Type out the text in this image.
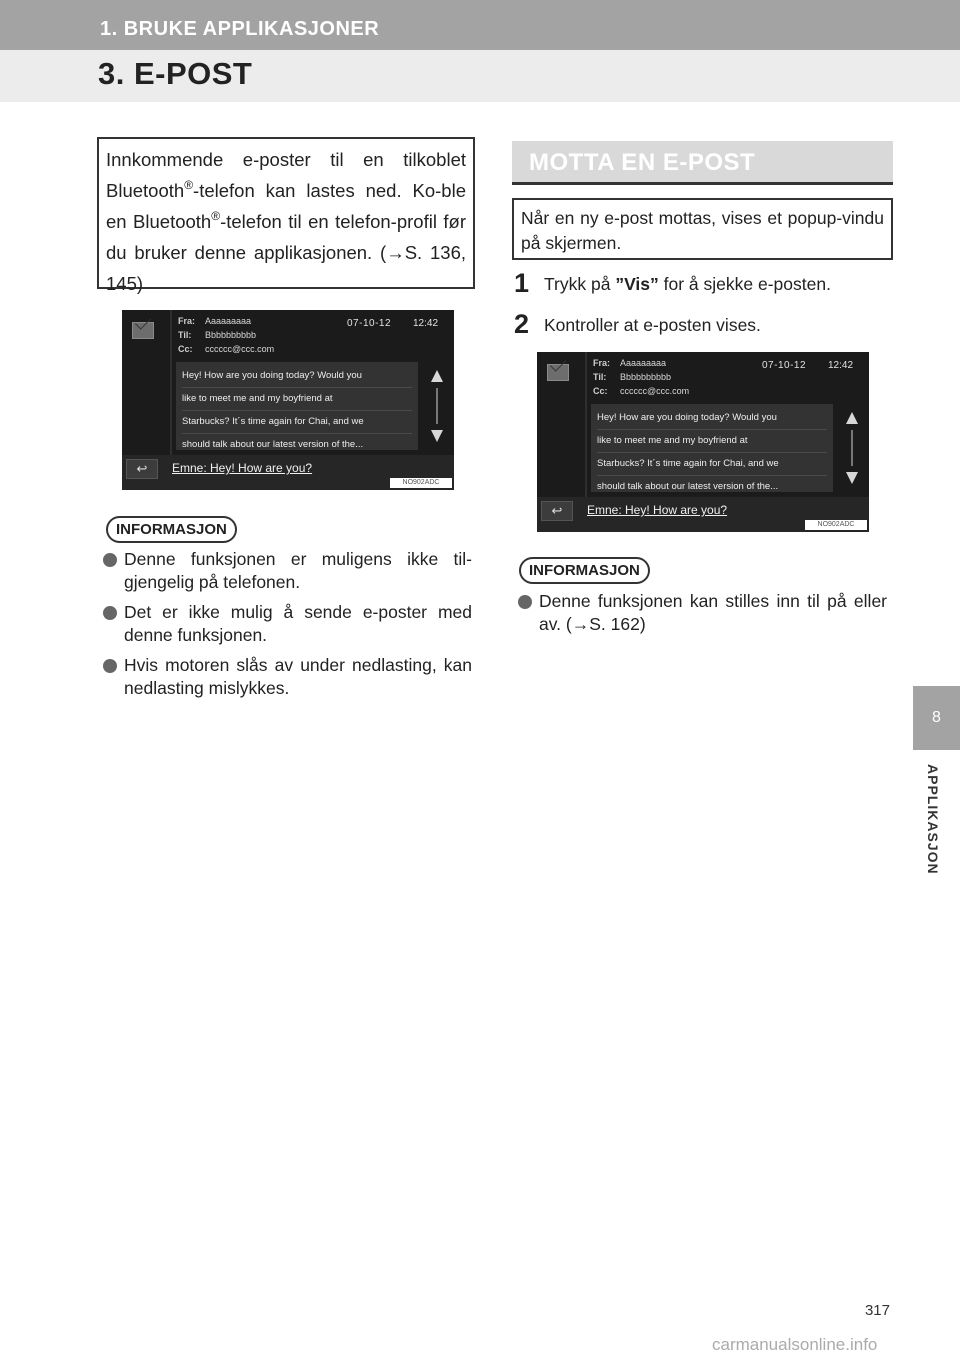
1. BRUKE APPLIKASJONER
3. E-POST

Innkommende e-poster til en tilkoblet Bluetooth®-telefon kan lastes ned. Ko-ble en Bluetooth®-telefon til en telefon-profil før du bruker denne applikasjonen. (→S. 136, 145)

Fra: Aaaaaaaaa
Til: Bbbbbbbbbb
Cc: cccccc@ccc.com
07-10-12 12:42
Hey! How are you doing today? Would you
like to meet me and my boyfriend at
Starbucks? It´s time again for Chai, and we
should talk about our latest version of the...
↩	Emne: Hey! How are you?
NO902ADC
INFORMASJON
Denne funksjonen er muligens ikke til-gjengelig på telefonen.
Det er ikke mulig å sende e-poster med denne funksjonen.
Hvis motoren slås av under nedlasting, kan nedlasting mislykkes.
MOTTA EN E-POST
Når en ny e-post mottas, vises et popup-vindu på skjermen.
1 Trykk på ”Vis” for å sjekke e-posten.
2 Kontroller at e-posten vises.
Fra: Aaaaaaaaa
Til: Bbbbbbbbbb
Cc: cccccc@ccc.com
07-10-12 12:42
Hey! How are you doing today? Would you
like to meet me and my boyfriend at
Starbucks? It´s time again for Chai, and we
should talk about our latest version of the...
↩	Emne: Hey! How are you?
NO902ADC
INFORMASJON
Denne funksjonen kan stilles inn til på eller av. (→S. 162)
8
APPLIKASJON
317
carmanualsonline.info
